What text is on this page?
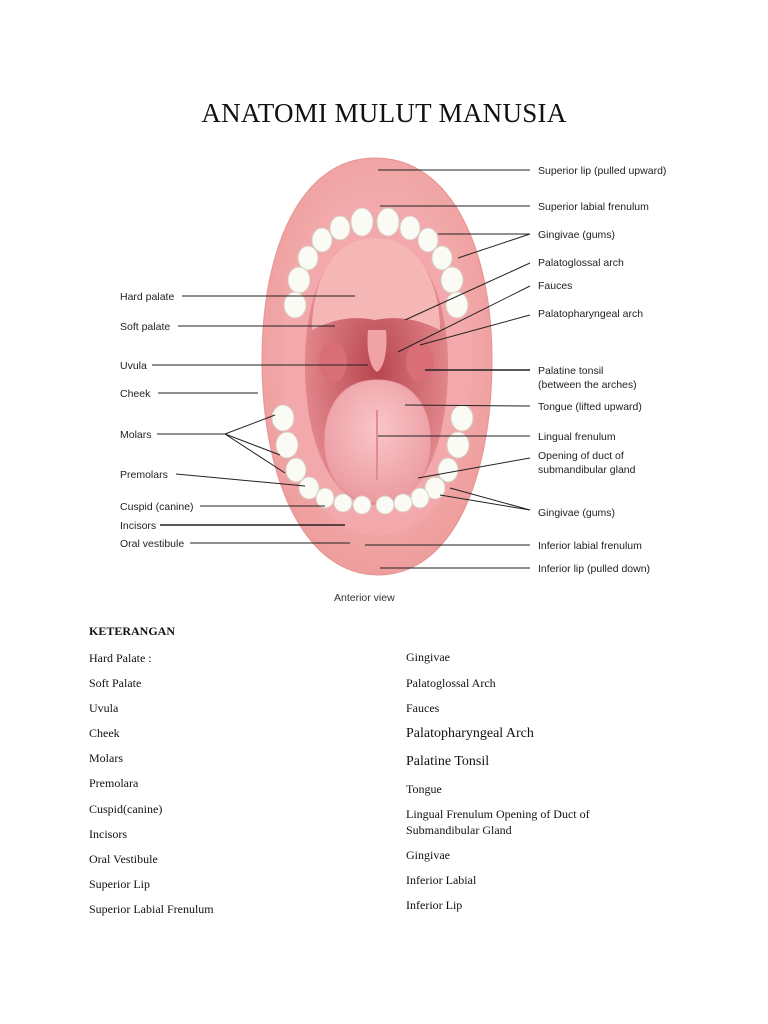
ANATOMI MULUT MANUSIA
Hard palate
Soft palate
Uvula
Cheek
Molars
Premolars
Cuspid (canine)
Incisors
Oral vestibule
Superior lip (pulled upward)
Superior labial frenulum
Gingivae (gums)
Palatoglossal arch
Fauces
Palatopharyngeal arch
Palatine tonsil
(between the arches)
Tongue (lifted upward)
Lingual frenulum
Opening of duct of
submandibular gland
Gingivae (gums)
Inferior labial frenulum
Inferior lip (pulled down)
Anterior view
KETERANGAN
Hard Palate :
Soft Palate
Uvula
Cheek
Molars
Premolara
Cuspid(canine)
Incisors
Oral Vestibule
Superior Lip
Superior Labial Frenulum
Gingivae
Palatoglossal Arch
Fauces
Palatopharyngeal Arch
Palatine Tonsil
Tongue
Lingual Frenulum Opening of Duct of Submandibular Gland
Gingivae
Inferior Labial
Inferior Lip
